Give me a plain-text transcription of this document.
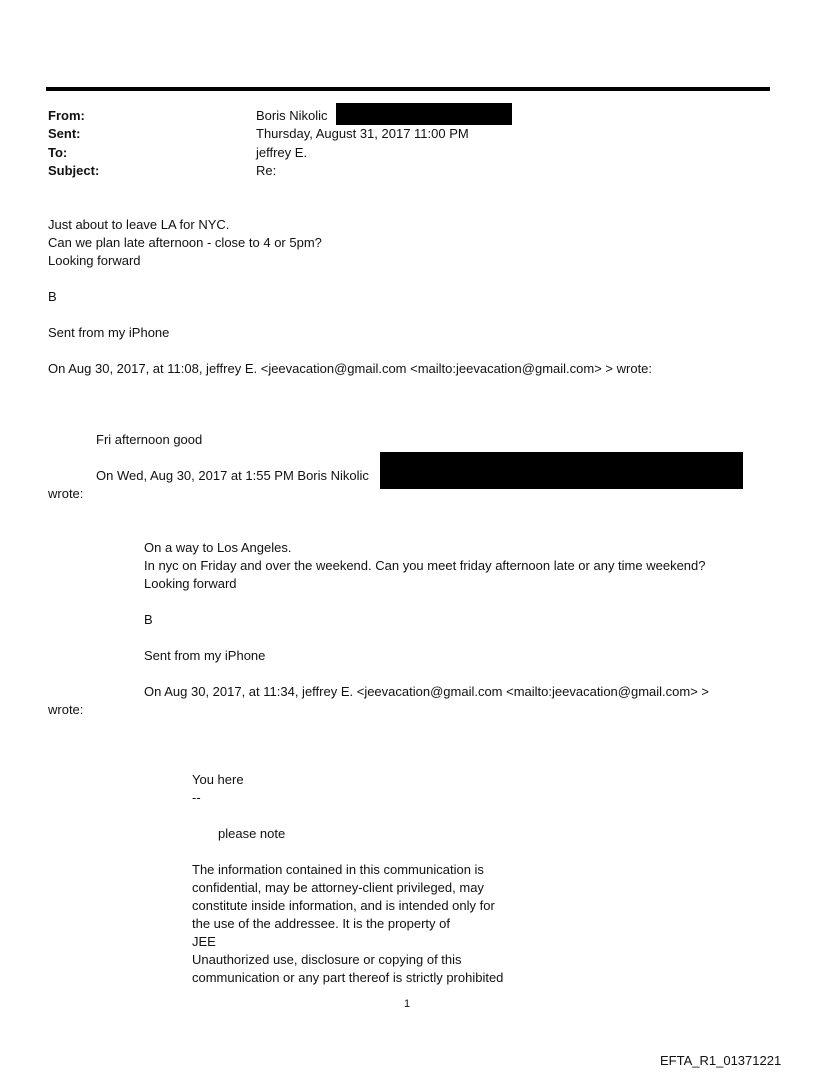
From:	Boris Nikolic
Sent:	Thursday, August 31, 2017 11:00 PM
To:	jeffrey E.
Subject:	Re:
Just about to leave LA for NYC.
Can we plan late afternoon - close to 4 or 5pm?
Looking forward
B
Sent from my iPhone
On Aug 30, 2017, at 11:08, jeffrey E. <jeevacation@gmail.com <mailto:jeevacation@gmail.com> > wrote:
Fri afternoon good
On Wed, Aug 30, 2017 at 1:55 PM Boris Nikolic
wrote:
On a way to Los Angeles.
In nyc on Friday and over the weekend. Can you meet friday afternoon late or any time weekend?
Looking forward
B
Sent from my iPhone
On Aug 30, 2017, at 11:34, jeffrey E. <jeevacation@gmail.com <mailto:jeevacation@gmail.com> >
wrote:
You here
--
please note
The information contained in this communication is
confidential, may be attorney-client privileged, may
constitute inside information, and is intended only for
the use of the addressee. It is the property of
JEE
Unauthorized use, disclosure or copying of this
communication or any part thereof is strictly prohibited
1
EFTA_R1_01371221
